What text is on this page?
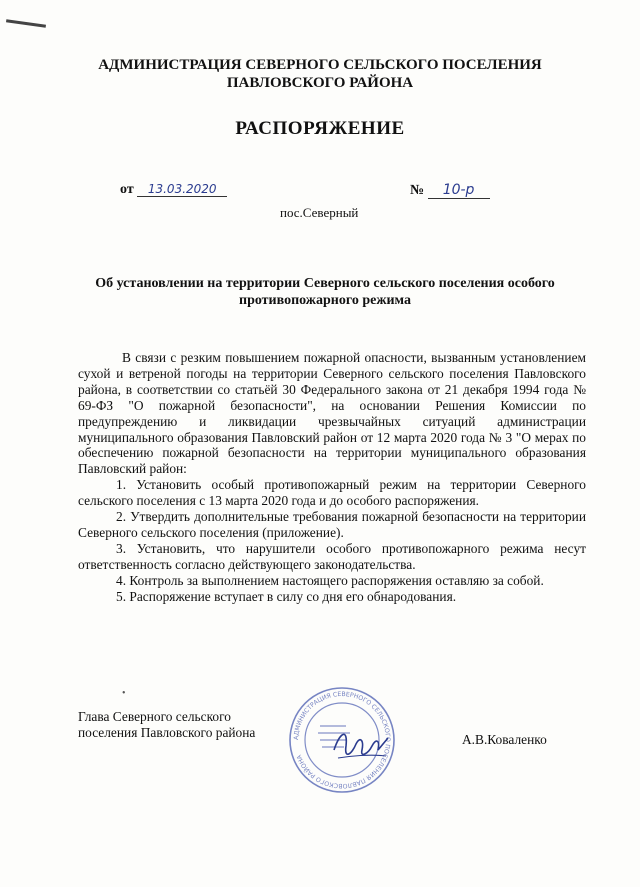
АДМИНИСТРАЦИЯ СЕВЕРНОГО СЕЛЬСКОГО ПОСЕЛЕНИЯ
ПАВЛОВСКОГО РАЙОНА
РАСПОРЯЖЕНИЕ
от 13.03.2020	№ 10-р
пос.Северный
Об установлении на территории Северного сельского поселения особого
противопожарного режима

В связи с резким повышением пожарной опасности, вызванным установлением сухой и ветреной погоды на территории Северного сельского поселения Павловского района, в соответствии со статьёй 30 Федерального закона от 21 декабря 1994 года № 69-ФЗ "О пожарной безопасности", на основании Решения Комиссии по предупреждению и ликвидации чрезвычайных ситуаций администрации муниципального образования Павловский район от 12 марта 2020 года № 3 "О мерах по обеспечению пожарной безопасности на территории муниципального образования Павловский район:

1. Установить особый противопожарный режим на территории Северного сельского поселения с 13 марта 2020 года и до особого распоряжения.

2. Утвердить дополнительные требования пожарной безопасности на территории Северного сельского поселения (приложение).

3. Установить, что нарушители особого противопожарного режима несут ответственность согласно действующего законодательства.

4. Контроль за выполнением настоящего распоряжения оставляю за собой.

5. Распоряжение вступает в силу со дня его обнародования.

•
Глава Северного сельского
поселения Павловского района	АДМИНИСТРАЦИЯ СЕВЕРНОГО СЕЛЬСКОГО ПОСЕЛЕНИЯ ПАВЛОВСКОГО РАЙОНА
А.В.Коваленко
